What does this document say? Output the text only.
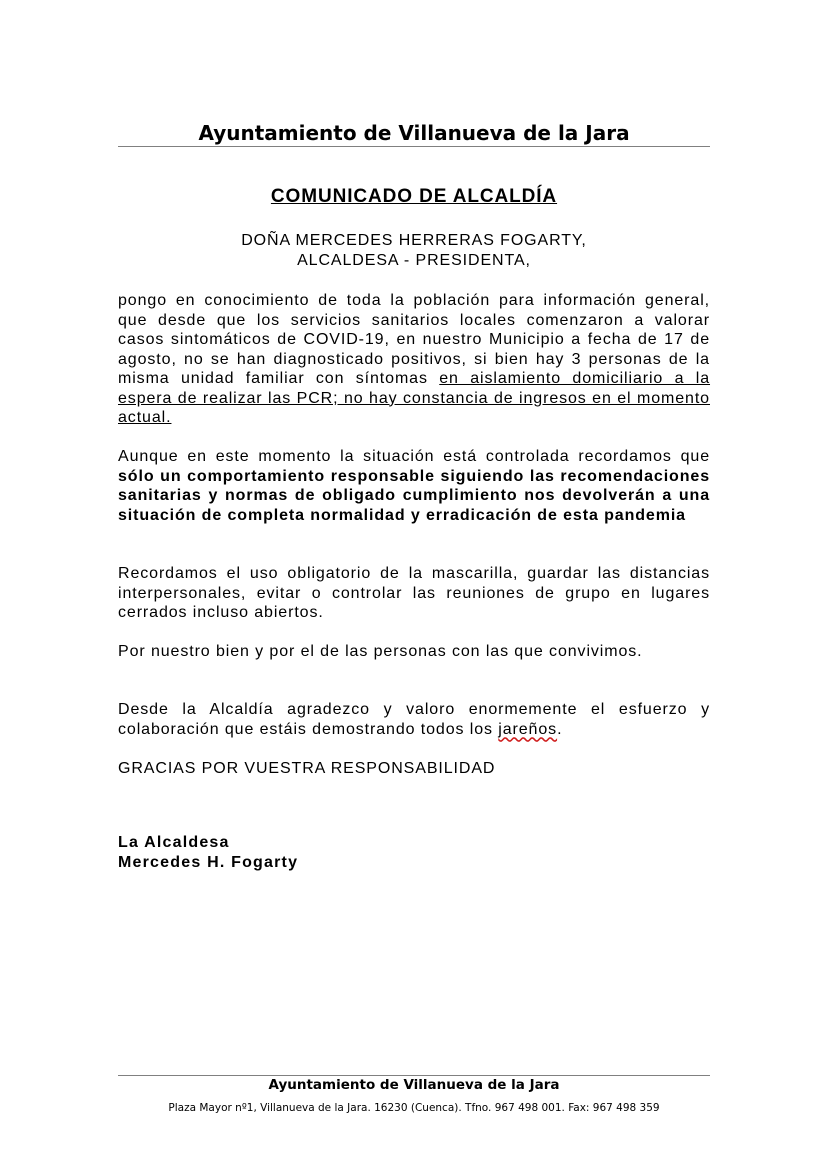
Ayuntamiento de Villanueva de la Jara
COMUNICADO DE ALCALDÍA
DOÑA MERCEDES HERRERAS FOGARTY,
ALCALDESA - PRESIDENTA,

pongo en conocimiento de toda la población para información general, que desde que los servicios sanitarios locales comenzaron a valorar casos sintomáticos de COVID-19, en nuestro Municipio a fecha de 17 de agosto, no se han diagnosticado positivos, si bien hay 3 personas de la misma unidad familiar con síntomas en aislamiento domiciliario a la espera de realizar las PCR; no hay constancia de ingresos en el momento actual.

Aunque en este momento la situación está controlada recordamos que sólo un comportamiento responsable siguiendo las recomendaciones sanitarias y normas de obligado cumplimiento nos devolverán a una situación de completa normalidad y erradicación de esta pandemia

Recordamos el uso obligatorio de la mascarilla, guardar las distancias interpersonales, evitar o controlar las reuniones de grupo en lugares cerrados incluso abiertos.

Por nuestro bien y por el de las personas con las que convivimos.

Desde la Alcaldía agradezco y valoro enormemente el esfuerzo y colaboración que estáis demostrando todos los jareños.

GRACIAS POR VUESTRA RESPONSABILIDAD

La Alcaldesa
Mercedes H. Fogarty
Ayuntamiento de Villanueva de la Jara
Plaza Mayor nº1, Villanueva de la Jara. 16230 (Cuenca). Tfno. 967 498 001. Fax: 967 498 359
